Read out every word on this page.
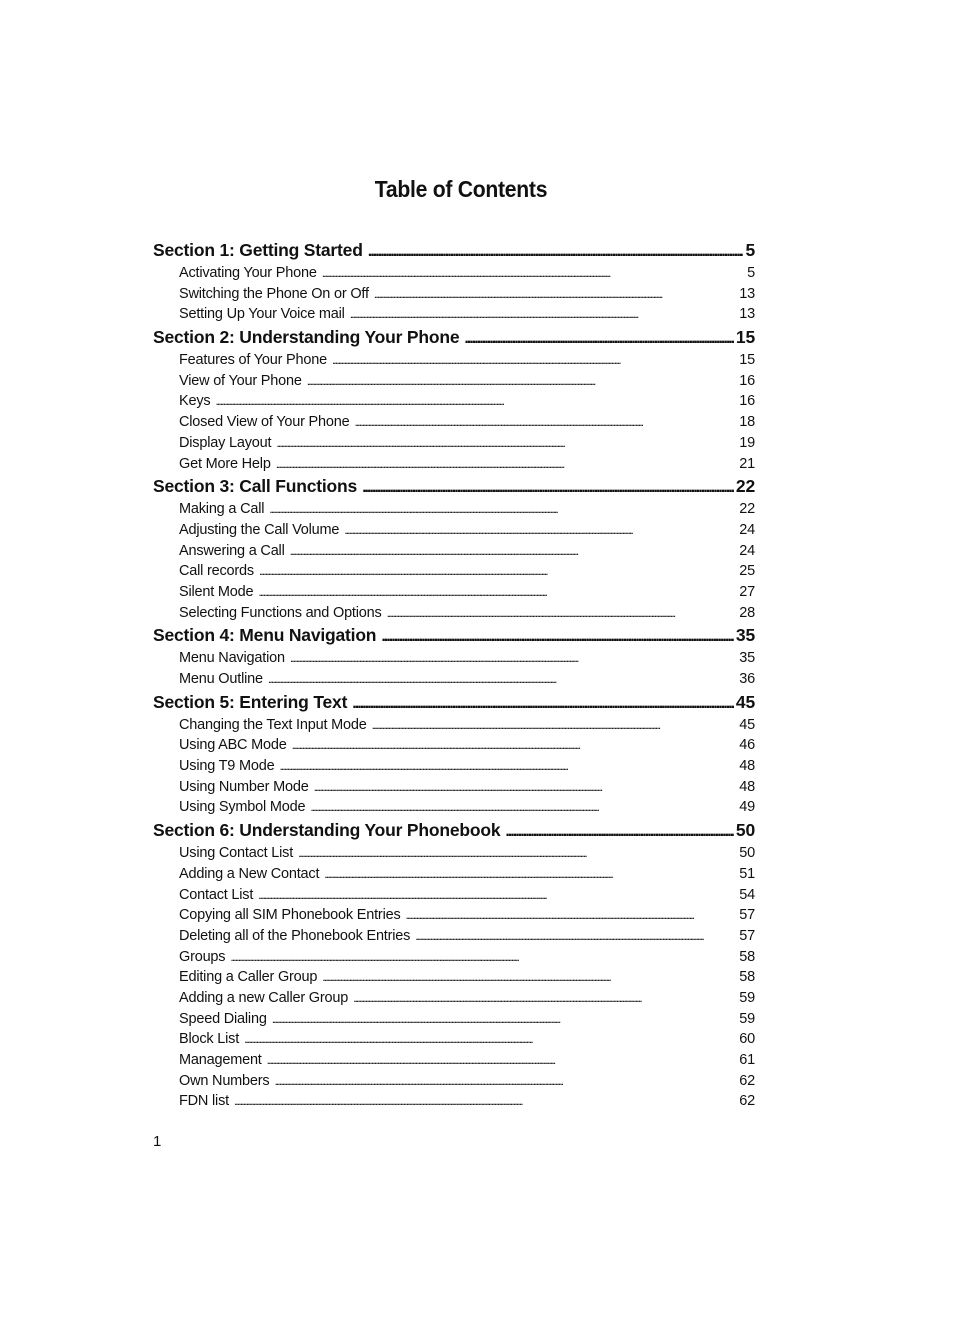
Table of Contents
Section 1: Getting Started . . .	5
Activating Your Phone . . .	5
Switching the Phone On or Off . . .	13
Setting Up Your Voice mail . . .	13
Section 2: Understanding Your Phone . . .	15
Features of Your Phone . . .	15
View of Your Phone . . .	16
Keys . . .	16
Closed View of Your Phone . . .	18
Display Layout . . .	19
Get More Help . . .	21
Section 3: Call Functions . . .	22
Making a Call . . .	22
Adjusting the Call Volume . . .	24
Answering a Call . . .	24
Call records . . .	25
Silent Mode . . .	27
Selecting Functions and Options . . .	28
Section 4: Menu Navigation . . .	35
Menu Navigation . . .	35
Menu Outline . . .	36
Section 5: Entering Text . . .	45
Changing the Text Input Mode . . .	45
Using ABC Mode . . .	46
Using T9 Mode . . .	48
Using Number Mode . . .	48
Using Symbol Mode . . .	49
Section 6: Understanding Your Phonebook . . .	50
Using Contact List . . .	50
Adding a New Contact . . .	51
Contact List . . .	54
Copying all SIM Phonebook Entries . . .	57
Deleting all of the Phonebook Entries . . .	57
Groups . . .	58
Editing a Caller Group . . .	58
Adding a new Caller Group . . .	59
Speed Dialing . . .	59
Block List . . .	60
Management . . .	61
Own Numbers . . .	62
FDN list . . .	62
1
